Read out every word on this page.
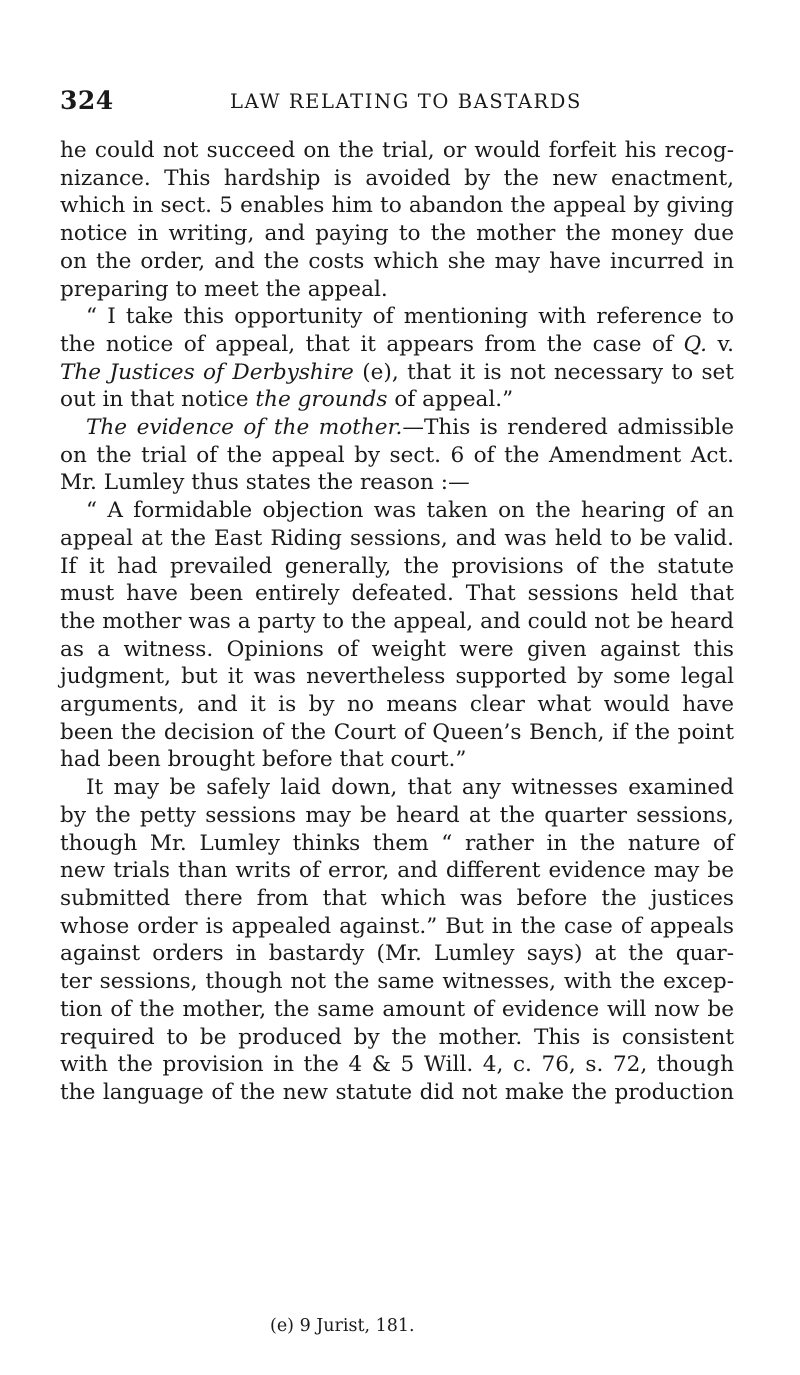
324	LAW RELATING TO BASTARDS
he could not succeed on the trial, or would forfeit his recog-
nizance. This hardship is avoided by the new enactment,
which in sect. 5 enables him to abandon the appeal by giving
notice in writing, and paying to the mother the money due
on the order, and the costs which she may have incurred in
preparing to meet the appeal.
“ I take this opportunity of mentioning with reference to
the notice of appeal, that it appears from the case of Q. v.
The Justices of Derbyshire (e), that it is not necessary to set
out in that notice the grounds of appeal.”
The evidence of the mother.—This is rendered admissible
on the trial of the appeal by sect. 6 of the Amendment Act.
Mr. Lumley thus states the reason :—
“ A formidable objection was taken on the hearing of an
appeal at the East Riding sessions, and was held to be valid.
If it had prevailed generally, the provisions of the statute
must have been entirely defeated. That sessions held that
the mother was a party to the appeal, and could not be heard
as a witness. Opinions of weight were given against this
judgment, but it was nevertheless supported by some legal
arguments, and it is by no means clear what would have
been the decision of the Court of Queen’s Bench, if the point
had been brought before that court.”
It may be safely laid down, that any witnesses examined
by the petty sessions may be heard at the quarter sessions,
though Mr. Lumley thinks them “ rather in the nature of
new trials than writs of error, and different evidence may be
submitted there from that which was before the justices
whose order is appealed against.” But in the case of appeals
against orders in bastardy (Mr. Lumley says) at the quar-
ter sessions, though not the same witnesses, with the excep-
tion of the mother, the same amount of evidence will now be
required to be produced by the mother. This is consistent
with the provision in the 4 & 5 Will. 4, c. 76, s. 72, though
the language of the new statute did not make the production
(e) 9 Jurist, 181.
